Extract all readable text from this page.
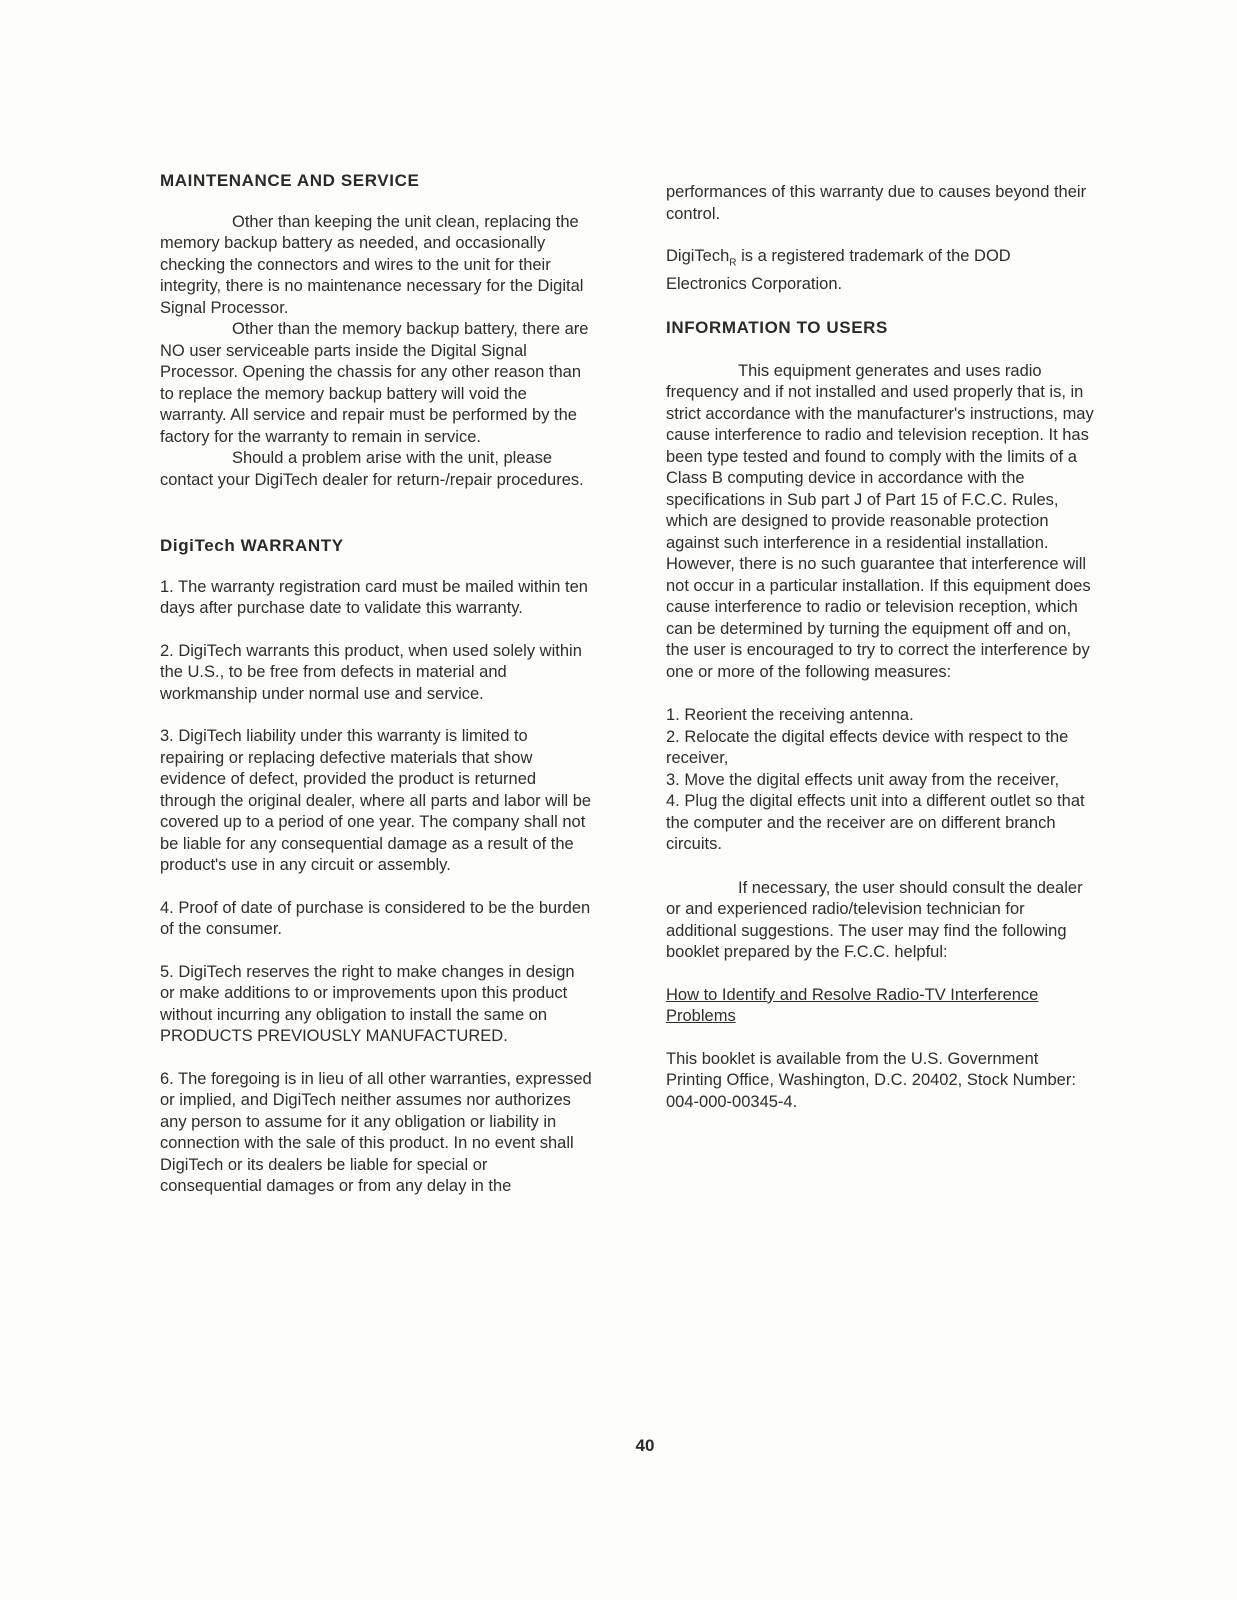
MAINTENANCE AND SERVICE

Other than keeping the unit clean, replacing the memory backup battery as needed, and occasionally checking the connectors and wires to the unit for their integrity, there is no maintenance necessary for the Digital Signal Processor.

Other than the memory backup battery, there are NO user serviceable parts inside the Digital Signal Processor. Opening the chassis for any other reason than to replace the memory backup battery will void the warranty. All service and repair must be performed by the factory for the warranty to remain in service.

Should a problem arise with the unit, please contact your DigiTech dealer for return-/repair procedures.

DigiTech WARRANTY

1. The warranty registration card must be mailed within ten days after purchase date to validate this warranty.

2. DigiTech warrants this product, when used solely within the U.S., to be free from defects in material and workmanship under normal use and service.

3. DigiTech liability under this warranty is limited to repairing or replacing defective materials that show evidence of defect, provided the product is returned through the original dealer, where all parts and labor will be covered up to a period of one year. The company shall not be liable for any consequential damage as a result of the product's use in any circuit or assembly.

4. Proof of date of purchase is considered to be the burden of the consumer.

5. DigiTech reserves the right to make changes in design or make additions to or improvements upon this product without incurring any obligation to install the same on PRODUCTS PREVIOUSLY MANUFACTURED.

6. The foregoing is in lieu of all other warranties, expressed or implied, and DigiTech neither assumes nor authorizes any person to assume for it any obligation or liability in connection with the sale of this product. In no event shall DigiTech or its dealers be liable for special or consequential damages or from any delay in the

performances of this warranty due to causes beyond their control.

DigiTech$_R$ is a registered trademark of the DOD Electronics Corporation.

INFORMATION TO USERS

This equipment generates and uses radio frequency and if not installed and used properly that is, in strict accordance with the manufacturer's instructions, may cause interference to radio and television reception. It has been type tested and found to comply with the limits of a Class B computing device in accordance with the specifications in Sub part J of Part 15 of F.C.C. Rules, which are designed to provide reasonable protection against such interference in a residential installation. However, there is no such guarantee that interference will not occur in a particular installation. If this equipment does cause interference to radio or television reception, which can be determined by turning the equipment off and on, the user is encouraged to try to correct the interference by one or more of the following measures:

1. Reorient the receiving antenna.
2. Relocate the digital effects device with respect to the receiver,
3. Move the digital effects unit away from the receiver,
4. Plug the digital effects unit into a different outlet so that the computer and the receiver are on different branch circuits.

If necessary, the user should consult the dealer or and experienced radio/television technician for additional suggestions. The user may find the following booklet prepared by the F.C.C. helpful:

How to Identify and Resolve Radio-TV Interference Problems

This booklet is available from the U.S. Government Printing Office, Washington, D.C. 20402, Stock Number: 004-000-00345-4.

40
